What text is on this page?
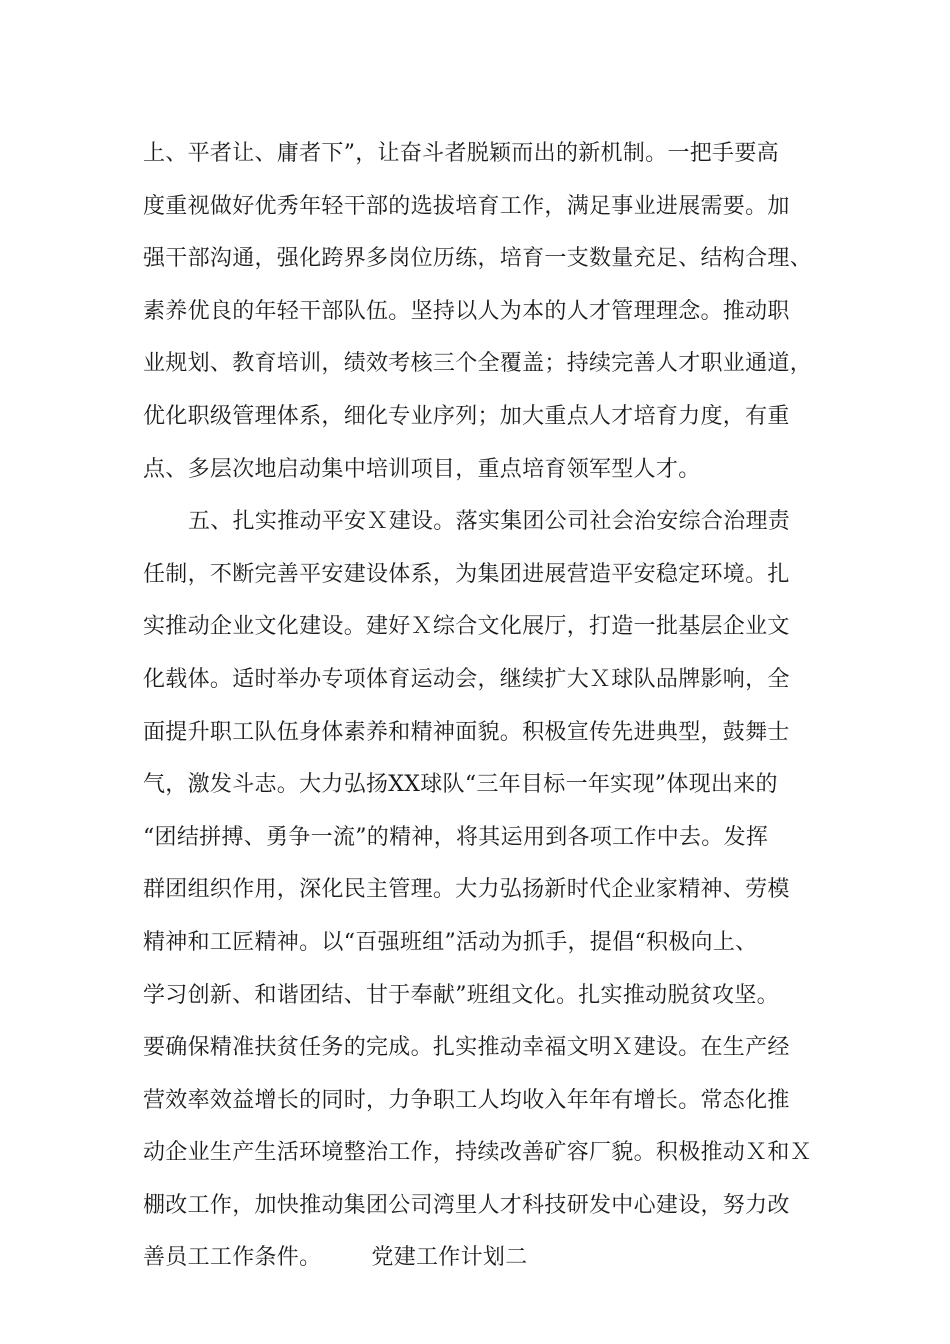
上、平者让、庸者下”，让奋斗者脱颖而出的新机制。一把手要高
度重视做好优秀年轻干部的选拔培育工作，满足事业进展需要。加
强干部沟通，强化跨界多岗位历练，培育一支数量充足、结构合理、
素养优良的年轻干部队伍。坚持以人为本的人才管理理念。推动职
业规划、教育培训，绩效考核三个全覆盖；持续完善人才职业通道，
优化职级管理体系，细化专业序列；加大重点人才培育力度，有重
点、多层次地启动集中培训项目，重点培育领军型人才。
五、扎实推动平安Ｘ建设。落实集团公司社会治安综合治理责
任制，不断完善平安建设体系，为集团进展营造平安稳定环境。扎
实推动企业文化建设。建好Ｘ综合文化展厅，打造一批基层企业文
化载体。适时举办专项体育运动会，继续扩大Ｘ球队品牌影响，全
面提升职工队伍身体素养和精神面貌。积极宣传先进典型，鼓舞士
气，激发斗志。大力弘扬XX球队“三年目标一年实现”体现出来的
“团结拼搏、勇争一流”的精神，将其运用到各项工作中去。发挥
群团组织作用，深化民主管理。大力弘扬新时代企业家精神、劳模
精神和工匠精神。以“百强班组”活动为抓手，提倡“积极向上、
学习创新、和谐团结、甘于奉献”班组文化。扎实推动脱贫攻坚。
要确保精准扶贫任务的完成。扎实推动幸福文明Ｘ建设。在生产经
营效率效益增长的同时，力争职工人均收入年年有增长。常态化推
动企业生产生活环境整治工作，持续改善矿容厂貌。积极推动Ｘ和Ｘ
棚改工作，加快推动集团公司湾里人才科技研发中心建设，努力改
善员工工作条件。 党建工作计划二
